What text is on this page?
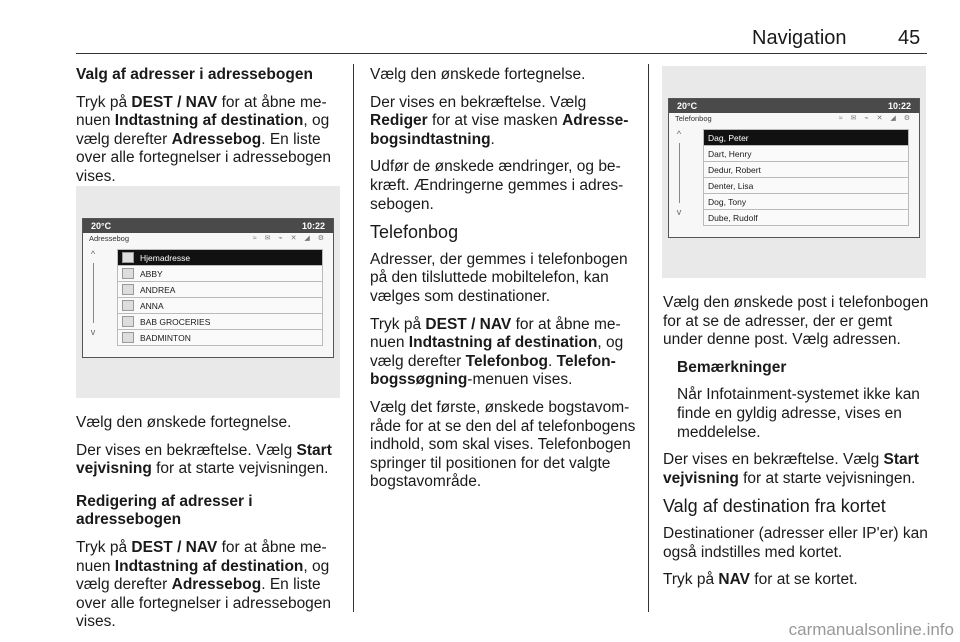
Navigation	45

Valg af adresser i adressebogen

Tryk på DEST / NAV for at åbne menuen Indtastning af destination, og vælg derefter Adressebog. En liste over alle fortegnelser i adressebogen vises.

20°C	10:22
Adressebog	≈ ✉ ⌁ ✕ ◢ ⚙
^
v
Hjemadresse
ABBY
ANDREA
ANNA
BAB GROCERIES
BADMINTON

Vælg den ønskede fortegnelse.

Der vises en bekræftelse. Vælg Start vejvisning for at starte vejvisningen.

Redigering af adresser i adressebogen

Tryk på DEST / NAV for at åbne menuen Indtastning af destination, og vælg derefter Adressebog. En liste over alle fortegnelser i adressebogen vises.

Vælg den ønskede fortegnelse.

Der vises en bekræftelse. Vælg Rediger for at vise masken Adressebogsindtastning.

Udfør de ønskede ændringer, og bekræft. Ændringerne gemmes i adressebogen.

Telefonbog

Adresser, der gemmes i telefonbogen på den tilsluttede mobiltelefon, kan vælges som destinationer.

Tryk på DEST / NAV for at åbne menuen Indtastning af destination, og vælg derefter Telefonbog. Telefonbogssøgning-menuen vises.

Vælg det første, ønskede bogstavområde for at se den del af telefonbogens indhold, som skal vises. Telefonbogen springer til positionen for det valgte bogstavområde.

20°C	10:22
Telefonbog	≈ ✉ ⌁ ✕ ◢ ⚙
^
v
Dag, Peter
Dart, Henry
Dedur, Robert
Denter, Lisa
Dog, Tony
Dube, Rudolf

Vælg den ønskede post i telefonbogen for at se de adresser, der er gemt under denne post. Vælg adressen.

Bemærkninger

Når Infotainment-systemet ikke kan finde en gyldig adresse, vises en meddelelse.

Der vises en bekræftelse. Vælg Start vejvisning for at starte vejvisningen.

Valg af destination fra kortet

Destinationer (adresser eller IP'er) kan også indstilles med kortet.

Tryk på NAV for at se kortet.

carmanualsonline.info
